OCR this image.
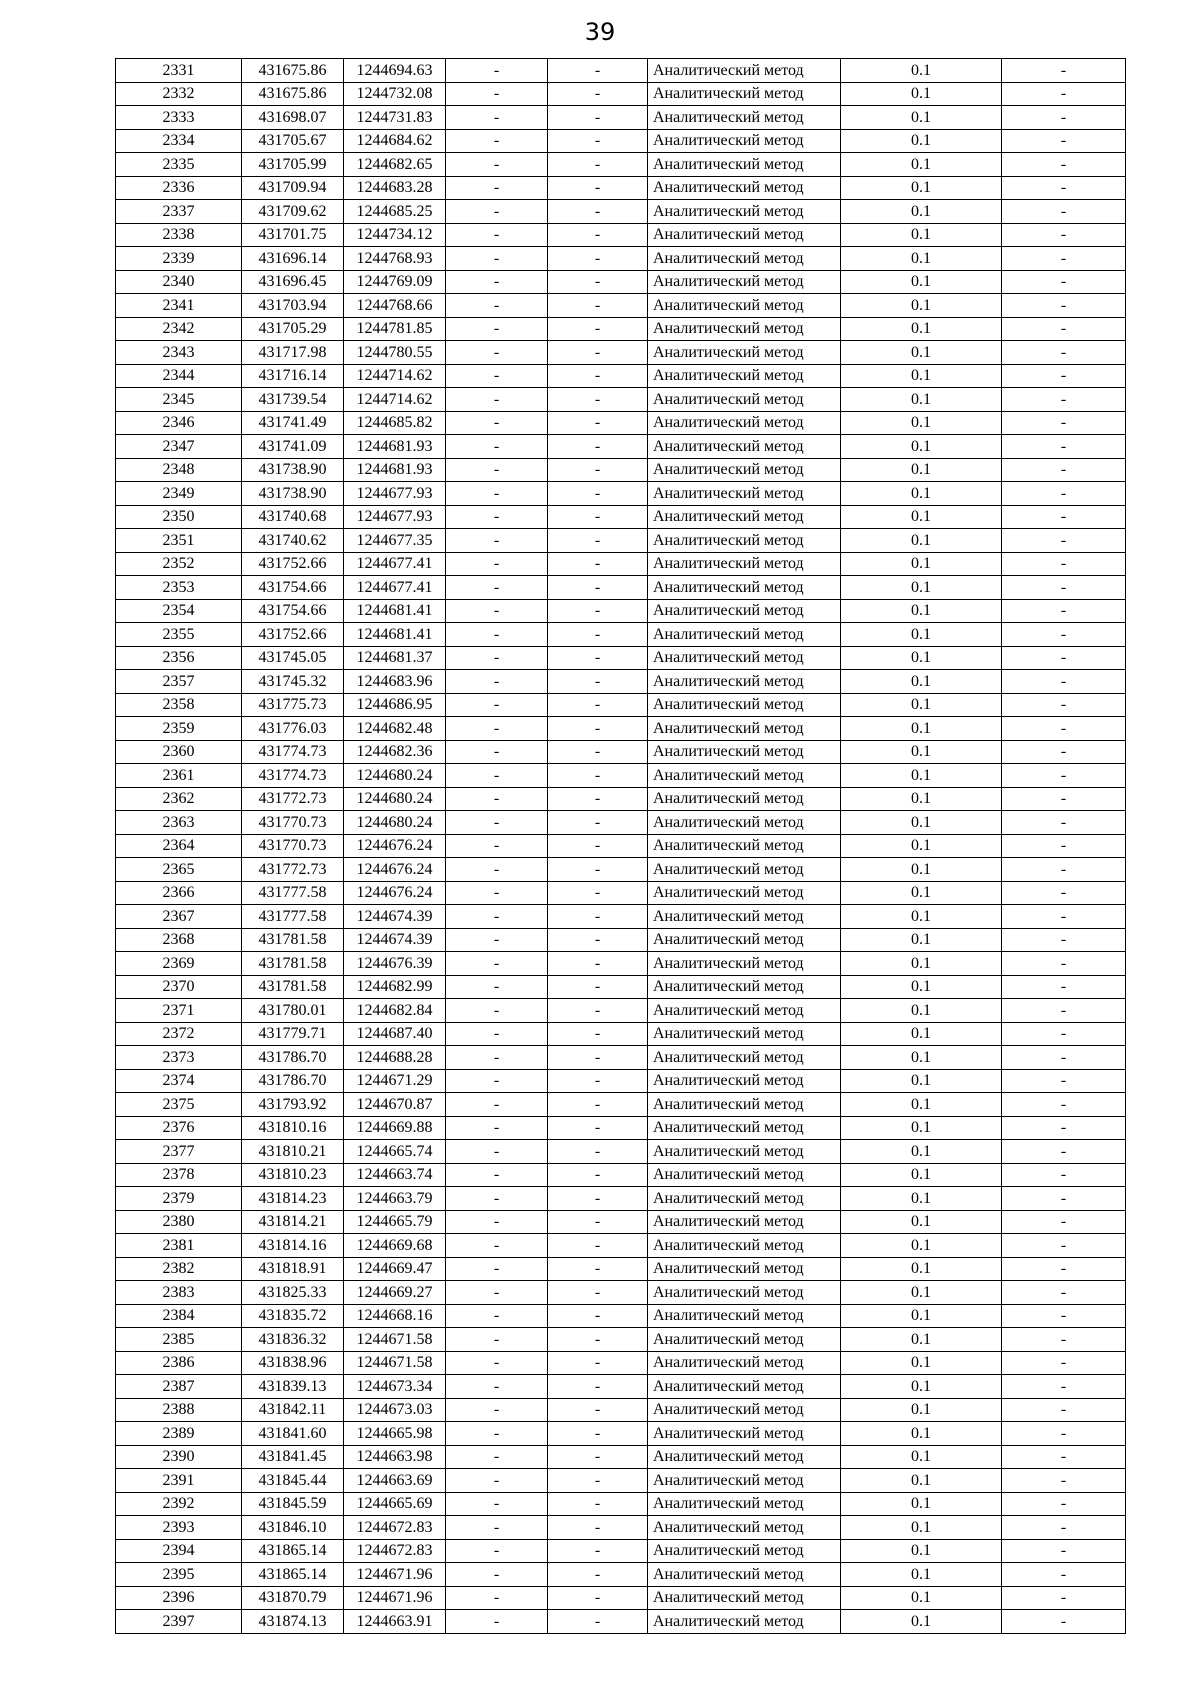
39
2331	431675.86	1244694.63	-	-	Аналитический метод	0.1	-
2332	431675.86	1244732.08	-	-	Аналитический метод	0.1	-
2333	431698.07	1244731.83	-	-	Аналитический метод	0.1	-
2334	431705.67	1244684.62	-	-	Аналитический метод	0.1	-
2335	431705.99	1244682.65	-	-	Аналитический метод	0.1	-
2336	431709.94	1244683.28	-	-	Аналитический метод	0.1	-
2337	431709.62	1244685.25	-	-	Аналитический метод	0.1	-
2338	431701.75	1244734.12	-	-	Аналитический метод	0.1	-
2339	431696.14	1244768.93	-	-	Аналитический метод	0.1	-
2340	431696.45	1244769.09	-	-	Аналитический метод	0.1	-
2341	431703.94	1244768.66	-	-	Аналитический метод	0.1	-
2342	431705.29	1244781.85	-	-	Аналитический метод	0.1	-
2343	431717.98	1244780.55	-	-	Аналитический метод	0.1	-
2344	431716.14	1244714.62	-	-	Аналитический метод	0.1	-
2345	431739.54	1244714.62	-	-	Аналитический метод	0.1	-
2346	431741.49	1244685.82	-	-	Аналитический метод	0.1	-
2347	431741.09	1244681.93	-	-	Аналитический метод	0.1	-
2348	431738.90	1244681.93	-	-	Аналитический метод	0.1	-
2349	431738.90	1244677.93	-	-	Аналитический метод	0.1	-
2350	431740.68	1244677.93	-	-	Аналитический метод	0.1	-
2351	431740.62	1244677.35	-	-	Аналитический метод	0.1	-
2352	431752.66	1244677.41	-	-	Аналитический метод	0.1	-
2353	431754.66	1244677.41	-	-	Аналитический метод	0.1	-
2354	431754.66	1244681.41	-	-	Аналитический метод	0.1	-
2355	431752.66	1244681.41	-	-	Аналитический метод	0.1	-
2356	431745.05	1244681.37	-	-	Аналитический метод	0.1	-
2357	431745.32	1244683.96	-	-	Аналитический метод	0.1	-
2358	431775.73	1244686.95	-	-	Аналитический метод	0.1	-
2359	431776.03	1244682.48	-	-	Аналитический метод	0.1	-
2360	431774.73	1244682.36	-	-	Аналитический метод	0.1	-
2361	431774.73	1244680.24	-	-	Аналитический метод	0.1	-
2362	431772.73	1244680.24	-	-	Аналитический метод	0.1	-
2363	431770.73	1244680.24	-	-	Аналитический метод	0.1	-
2364	431770.73	1244676.24	-	-	Аналитический метод	0.1	-
2365	431772.73	1244676.24	-	-	Аналитический метод	0.1	-
2366	431777.58	1244676.24	-	-	Аналитический метод	0.1	-
2367	431777.58	1244674.39	-	-	Аналитический метод	0.1	-
2368	431781.58	1244674.39	-	-	Аналитический метод	0.1	-
2369	431781.58	1244676.39	-	-	Аналитический метод	0.1	-
2370	431781.58	1244682.99	-	-	Аналитический метод	0.1	-
2371	431780.01	1244682.84	-	-	Аналитический метод	0.1	-
2372	431779.71	1244687.40	-	-	Аналитический метод	0.1	-
2373	431786.70	1244688.28	-	-	Аналитический метод	0.1	-
2374	431786.70	1244671.29	-	-	Аналитический метод	0.1	-
2375	431793.92	1244670.87	-	-	Аналитический метод	0.1	-
2376	431810.16	1244669.88	-	-	Аналитический метод	0.1	-
2377	431810.21	1244665.74	-	-	Аналитический метод	0.1	-
2378	431810.23	1244663.74	-	-	Аналитический метод	0.1	-
2379	431814.23	1244663.79	-	-	Аналитический метод	0.1	-
2380	431814.21	1244665.79	-	-	Аналитический метод	0.1	-
2381	431814.16	1244669.68	-	-	Аналитический метод	0.1	-
2382	431818.91	1244669.47	-	-	Аналитический метод	0.1	-
2383	431825.33	1244669.27	-	-	Аналитический метод	0.1	-
2384	431835.72	1244668.16	-	-	Аналитический метод	0.1	-
2385	431836.32	1244671.58	-	-	Аналитический метод	0.1	-
2386	431838.96	1244671.58	-	-	Аналитический метод	0.1	-
2387	431839.13	1244673.34	-	-	Аналитический метод	0.1	-
2388	431842.11	1244673.03	-	-	Аналитический метод	0.1	-
2389	431841.60	1244665.98	-	-	Аналитический метод	0.1	-
2390	431841.45	1244663.98	-	-	Аналитический метод	0.1	-
2391	431845.44	1244663.69	-	-	Аналитический метод	0.1	-
2392	431845.59	1244665.69	-	-	Аналитический метод	0.1	-
2393	431846.10	1244672.83	-	-	Аналитический метод	0.1	-
2394	431865.14	1244672.83	-	-	Аналитический метод	0.1	-
2395	431865.14	1244671.96	-	-	Аналитический метод	0.1	-
2396	431870.79	1244671.96	-	-	Аналитический метод	0.1	-
2397	431874.13	1244663.91	-	-	Аналитический метод	0.1	-
